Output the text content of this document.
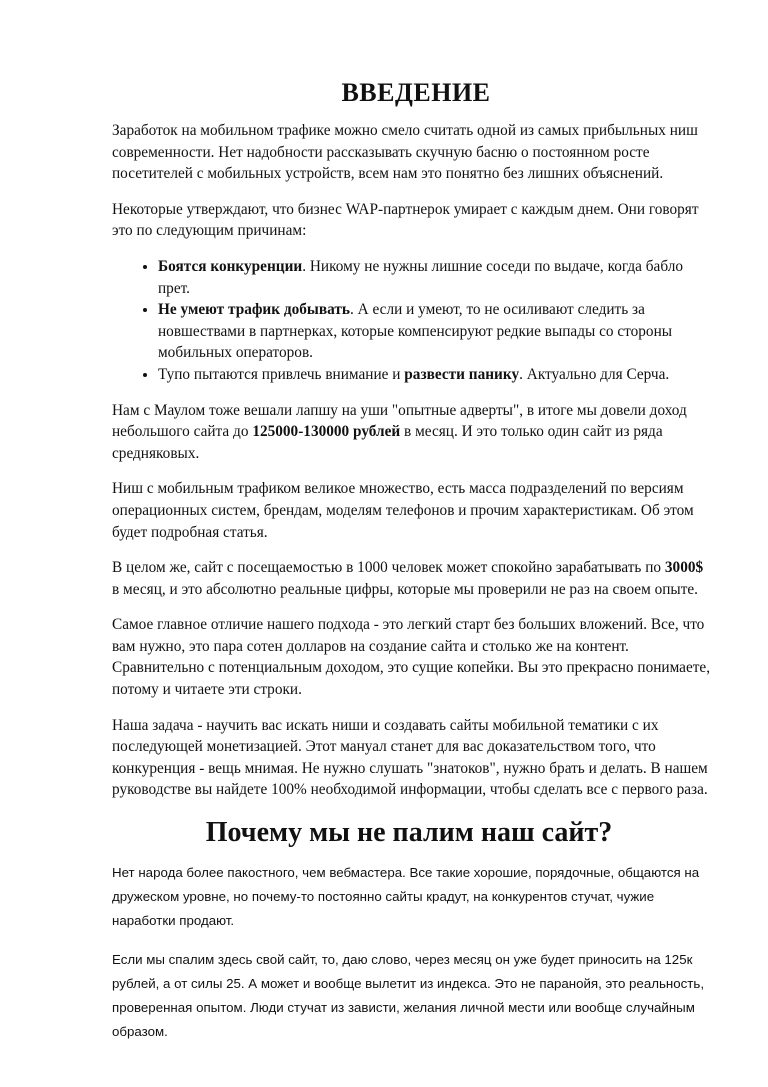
ВВЕДЕНИЕ

Заработок на мобильном трафике можно смело считать одной из самых прибыльных ниш современности. Нет надобности рассказывать скучную басню о постоянном росте посетителей с мобильных устройств, всем нам это понятно без лишних объяснений.

Некоторые утверждают, что бизнес WAP-партнерок умирает с каждым днем. Они говорят это по следующим причинам:

• Боятся конкуренции. Никому не нужны лишние соседи по выдаче, когда бабло прет.
• Не умеют трафик добывать. А если и умеют, то не осиливают следить за новшествами в партнерках, которые компенсируют редкие выпады со стороны мобильных операторов.
• Тупо пытаются привлечь внимание и развести панику. Актуально для Серча.

Нам с Маулом тоже вешали лапшу на уши "опытные адверты", в итоге мы довели доход небольшого сайта до 125000-130000 рублей в месяц. И это только один сайт из ряда средняковых.

Ниш с мобильным трафиком великое множество, есть масса подразделений по версиям операционных систем, брендам, моделям телефонов и прочим характеристикам. Об этом будет подробная статья.

В целом же, сайт с посещаемостью в 1000 человек может спокойно зарабатывать по 3000$ в месяц, и это абсолютно реальные цифры, которые мы проверили не раз на своем опыте.

Самое главное отличие нашего подхода - это легкий старт без больших вложений. Все, что вам нужно, это пара сотен долларов на создание сайта и столько же на контент. Сравнительно с потенциальным доходом, это сущие копейки. Вы это прекрасно понимаете, потому и читаете эти строки.

Наша задача - научить вас искать ниши и создавать сайты мобильной тематики с их последующей монетизацией. Этот мануал станет для вас доказательством того, что конкуренция - вещь мнимая. Не нужно слушать "знатоков", нужно брать и делать. В нашем руководстве вы найдете 100% необходимой информации, чтобы сделать все с первого раза.

Почему мы не палим наш сайт?

Нет народа более пакостного, чем вебмастера. Все такие хорошие, порядочные, общаются на дружеском уровне, но почему-то постоянно сайты крадут, на конкурентов стучат, чужие наработки продают.

Если мы спалим здесь свой сайт, то, даю слово, через месяц он уже будет приносить на 125к рублей, а от силы 25. А может и вообще вылетит из индекса. Это не паранойя, это реальность, проверенная опытом. Люди стучат из зависти, желания личной мести или вообще случайным образом.
